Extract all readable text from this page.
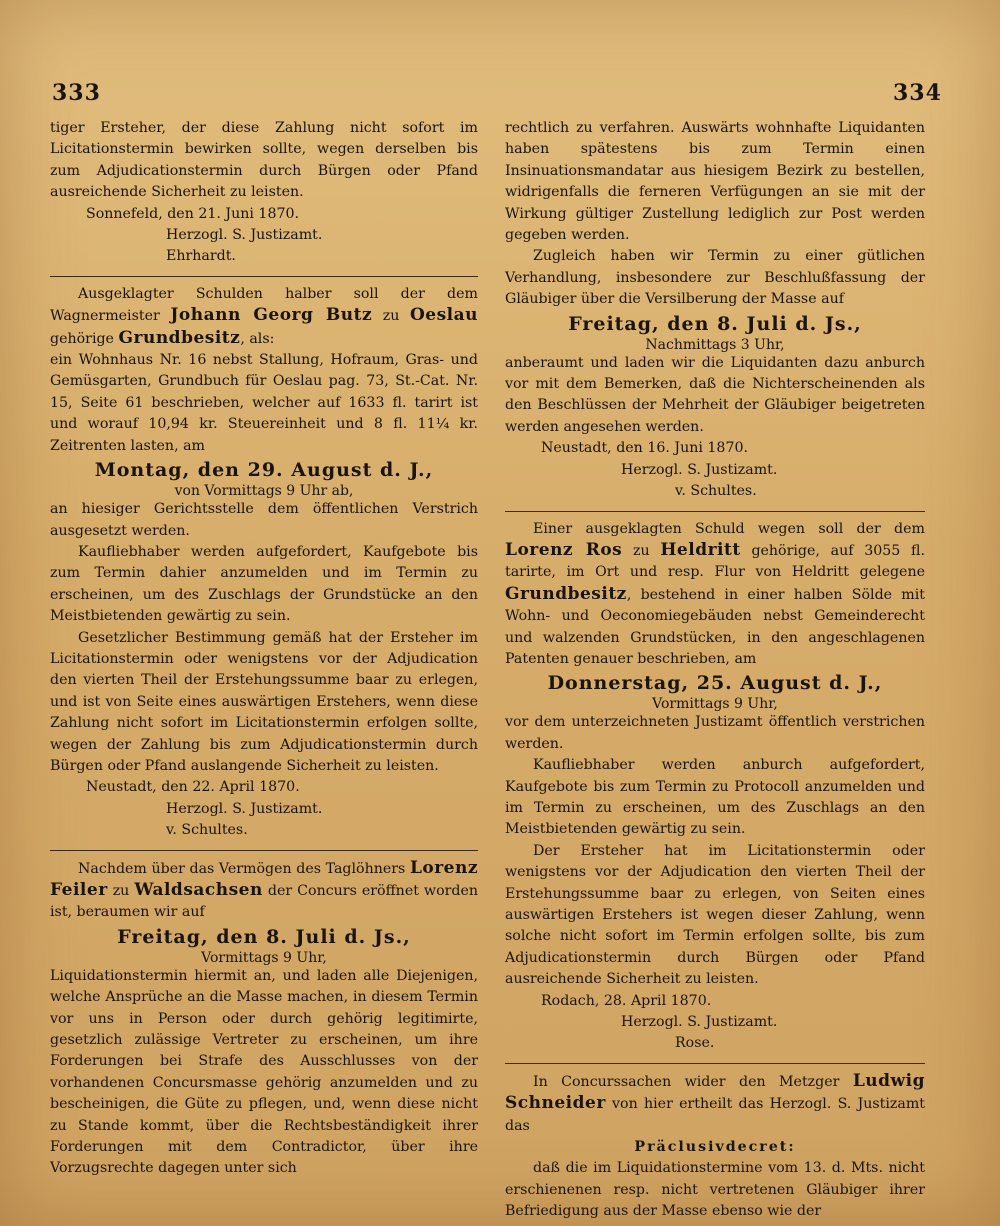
333	334

tiger Ersteher, der diese Zahlung nicht sofort im Licitationstermin bewirken sollte, wegen derselben bis zum Adjudicationstermin durch Bürgen oder Pfand ausreichende Sicherheit zu leisten.

Sonnefeld, den 21. Juni 1870.

Herzogl. S. Justizamt.

Ehrhardt.

Ausgeklagter Schulden halber soll der dem Wagnermeister Johann Georg Butz zu Oeslau gehörige Grundbesitz, als:

ein Wohnhaus Nr. 16 nebst Stallung, Hofraum, Gras- und Gemüsgarten, Grundbuch für Oeslau pag. 73, St.-Cat. Nr. 15, Seite 61 beschrieben, welcher auf 1633 fl. tarirt ist und worauf 10,94 kr. Steuereinheit und 8 fl. 11¼ kr. Zeitrenten lasten, am

Montag, den 29. August d. J.,

von Vormittags 9 Uhr ab,

an hiesiger Gerichtsstelle dem öffentlichen Verstrich ausgesetzt werden.

Kaufliebhaber werden aufgefordert, Kaufgebote bis zum Termin dahier anzumelden und im Termin zu erscheinen, um des Zuschlags der Grundstücke an den Meistbietenden gewärtig zu sein.

Gesetzlicher Bestimmung gemäß hat der Ersteher im Licitationstermin oder wenigstens vor der Adjudication den vierten Theil der Erstehungssumme baar zu erlegen, und ist von Seite eines auswärtigen Erstehers, wenn diese Zahlung nicht sofort im Licitationstermin erfolgen sollte, wegen der Zahlung bis zum Adjudicationstermin durch Bürgen oder Pfand auslangende Sicherheit zu leisten.

Neustadt, den 22. April 1870.

Herzogl. S. Justizamt.

v. Schultes.

Nachdem über das Vermögen des Taglöhners Lorenz Feiler zu Waldsachsen der Concurs eröffnet worden ist, beraumen wir auf

Freitag, den 8. Juli d. Js.,

Vormittags 9 Uhr,

Liquidationstermin hiermit an, und laden alle Diejenigen, welche Ansprüche an die Masse machen, in diesem Termin vor uns in Person oder durch gehörig legitimirte, gesetzlich zulässige Vertreter zu erscheinen, um ihre Forderungen bei Strafe des Ausschlusses von der vorhandenen Concursmasse gehörig anzumelden und zu bescheinigen, die Güte zu pflegen, und, wenn diese nicht zu Stande kommt, über die Rechtsbeständigkeit ihrer Forderungen mit dem Contradictor, über ihre Vorzugsrechte dagegen unter sich

rechtlich zu verfahren. Auswärts wohnhafte Liquidanten haben spätestens bis zum Termin einen Insinuationsmandatar aus hiesigem Bezirk zu bestellen, widrigenfalls die ferneren Verfügungen an sie mit der Wirkung gültiger Zustellung lediglich zur Post werden gegeben werden.

Zugleich haben wir Termin zu einer gütlichen Verhandlung, insbesondere zur Beschlußfassung der Gläubiger über die Versilberung der Masse auf

Freitag, den 8. Juli d. Js.,

Nachmittags 3 Uhr,

anberaumt und laden wir die Liquidanten dazu anburch vor mit dem Bemerken, daß die Nichterscheinenden als den Beschlüssen der Mehrheit der Gläubiger beigetreten werden angesehen werden.

Neustadt, den 16. Juni 1870.

Herzogl. S. Justizamt.

v. Schultes.

Einer ausgeklagten Schuld wegen soll der dem Lorenz Ros zu Heldritt gehörige, auf 3055 fl. tarirte, im Ort und resp. Flur von Heldritt gelegene Grundbesitz, bestehend in einer halben Sölde mit Wohn- und Oeconomiegebäuden nebst Gemeinderecht und walzenden Grundstücken, in den angeschlagenen Patenten genauer beschrieben, am

Donnerstag, 25. August d. J.,

Vormittags 9 Uhr,

vor dem unterzeichneten Justizamt öffentlich verstrichen werden.

Kaufliebhaber werden anburch aufgefordert, Kaufgebote bis zum Termin zu Protocoll anzumelden und im Termin zu erscheinen, um des Zuschlags an den Meistbietenden gewärtig zu sein.

Der Ersteher hat im Licitationstermin oder wenigstens vor der Adjudication den vierten Theil der Erstehungssumme baar zu erlegen, von Seiten eines auswärtigen Erstehers ist wegen dieser Zahlung, wenn solche nicht sofort im Termin erfolgen sollte, bis zum Adjudicationstermin durch Bürgen oder Pfand ausreichende Sicherheit zu leisten.

Rodach, 28. April 1870.

Herzogl. S. Justizamt.

Rose.

In Concurssachen wider den Metzger Ludwig Schneider von hier ertheilt das Herzogl. S. Justizamt das

Präclusivdecret:

daß die im Liquidationstermine vom 13. d. Mts. nicht erschienenen resp. nicht vertretenen Gläubiger ihrer Befriedigung aus der Masse ebenso wie der
